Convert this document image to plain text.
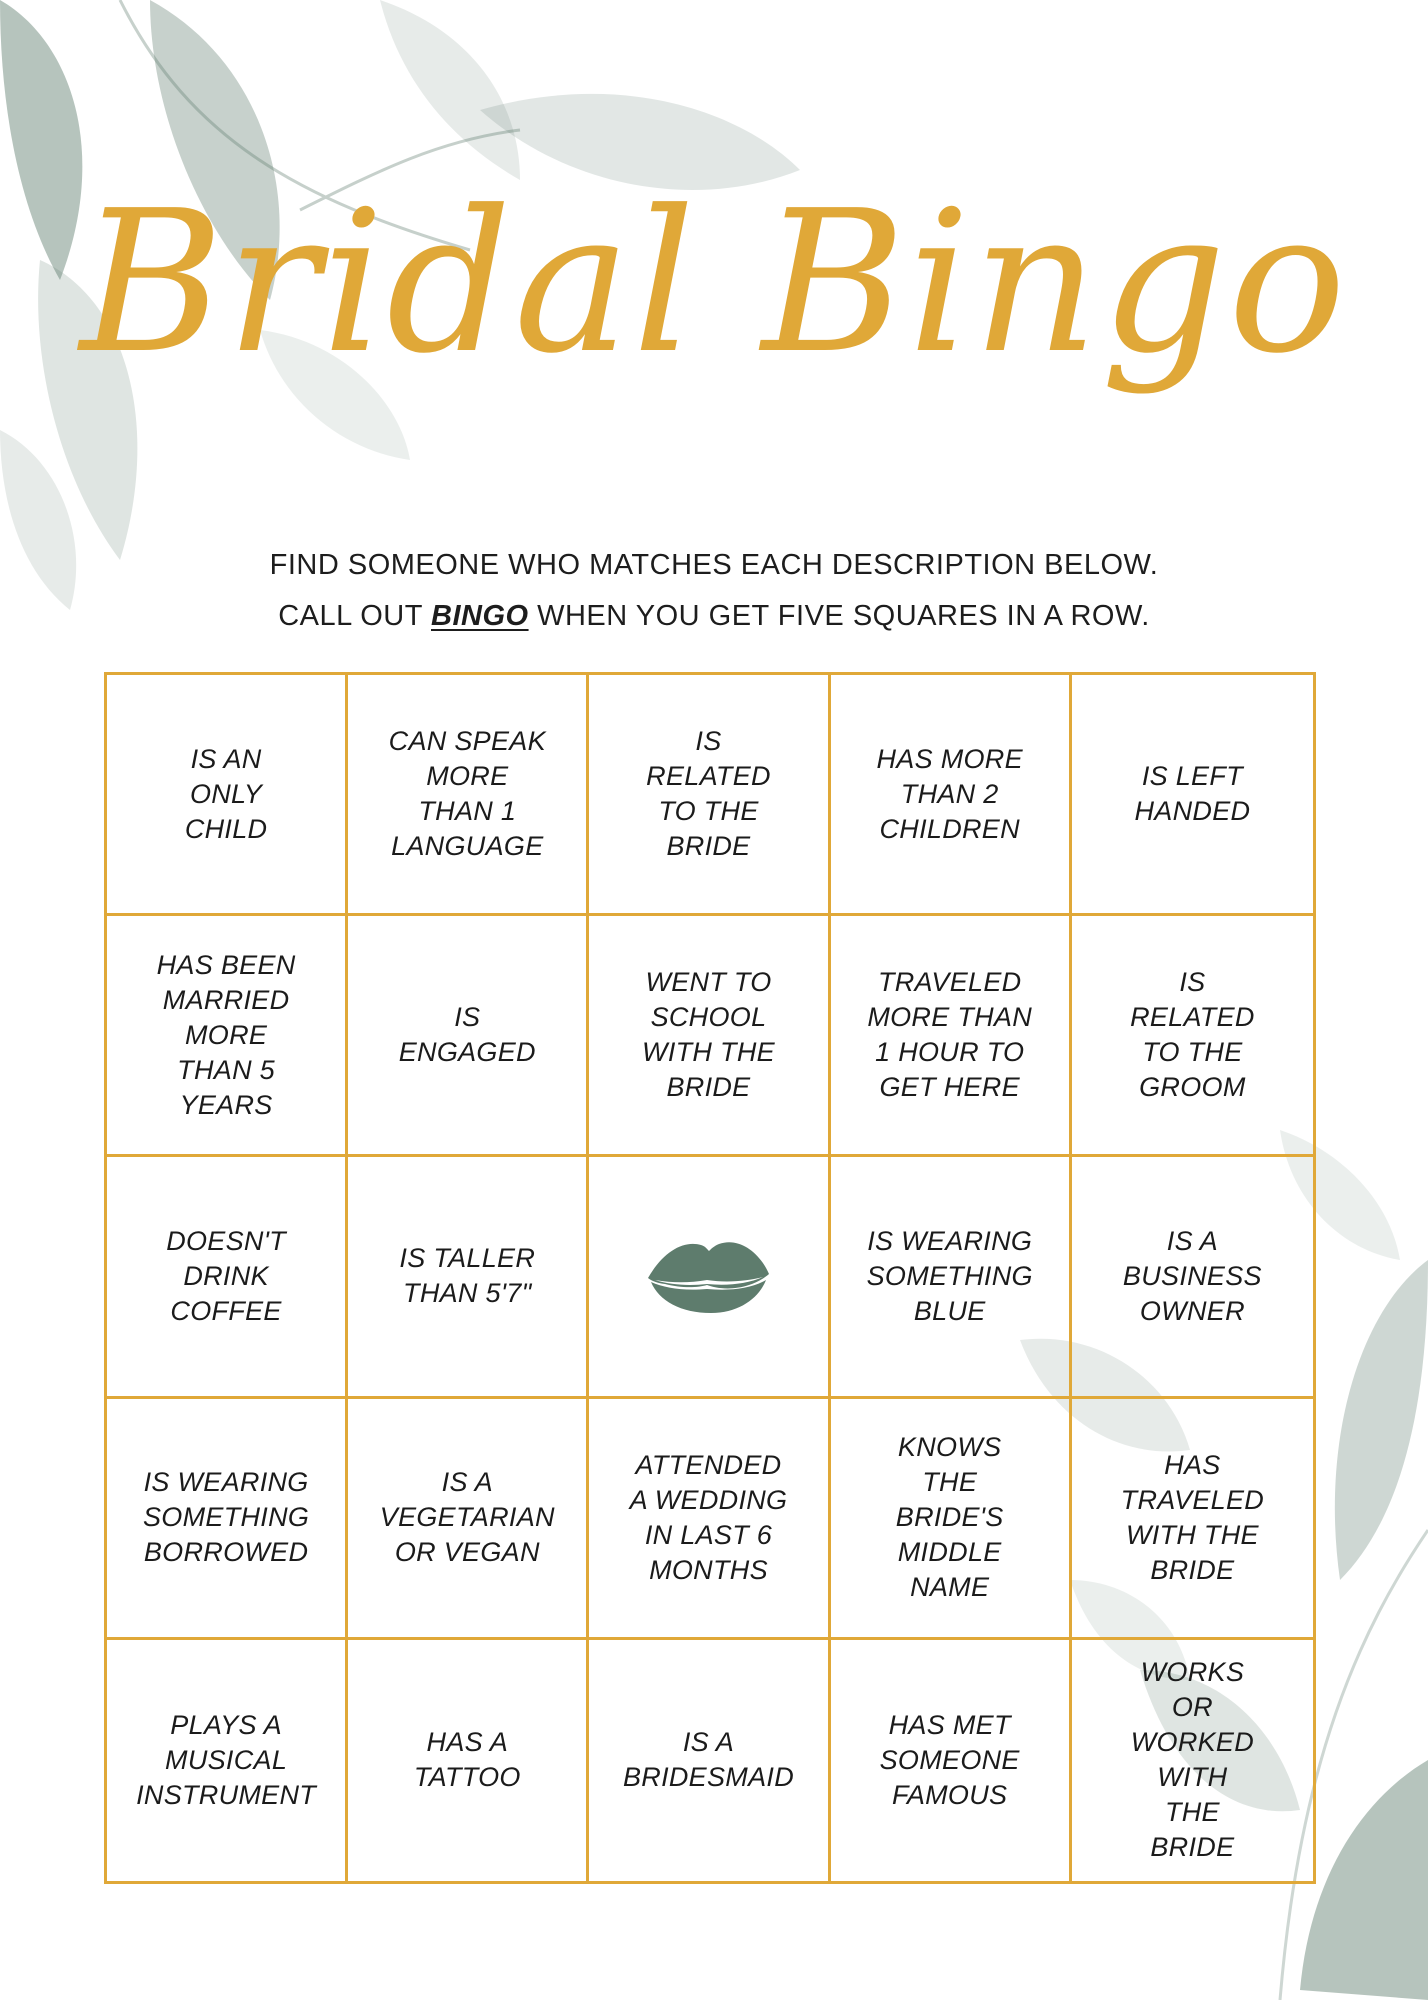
Bridal Bingo
FIND SOMEONE WHO MATCHES EACH DESCRIPTION BELOW.
CALL OUT BINGO WHEN YOU GET FIVE SQUARES IN A ROW.
IS AN
ONLY
CHILD
CAN SPEAK
MORE
THAN 1
LANGUAGE
IS
RELATED
TO THE
BRIDE
HAS MORE
THAN 2
CHILDREN
IS LEFT
HANDED
HAS BEEN
MARRIED
MORE
THAN 5
YEARS
IS
ENGAGED
WENT TO
SCHOOL
WITH THE
BRIDE
TRAVELED
MORE THAN
1 HOUR TO
GET HERE
IS
RELATED
TO THE
GROOM
DOESN'T
DRINK
COFFEE
IS TALLER
THAN 5'7"
IS WEARING
SOMETHING
BLUE
IS A
BUSINESS
OWNER
IS WEARING
SOMETHING
BORROWED
IS A
VEGETARIAN
OR VEGAN
ATTENDED
A WEDDING
IN LAST 6
MONTHS
KNOWS
THE
BRIDE'S
MIDDLE
NAME
HAS
TRAVELED
WITH THE
BRIDE
PLAYS A
MUSICAL
INSTRUMENT
HAS A
TATTOO
IS A
BRIDESMAID
HAS MET
SOMEONE
FAMOUS
WORKS
OR
WORKED
WITH
THE
BRIDE
